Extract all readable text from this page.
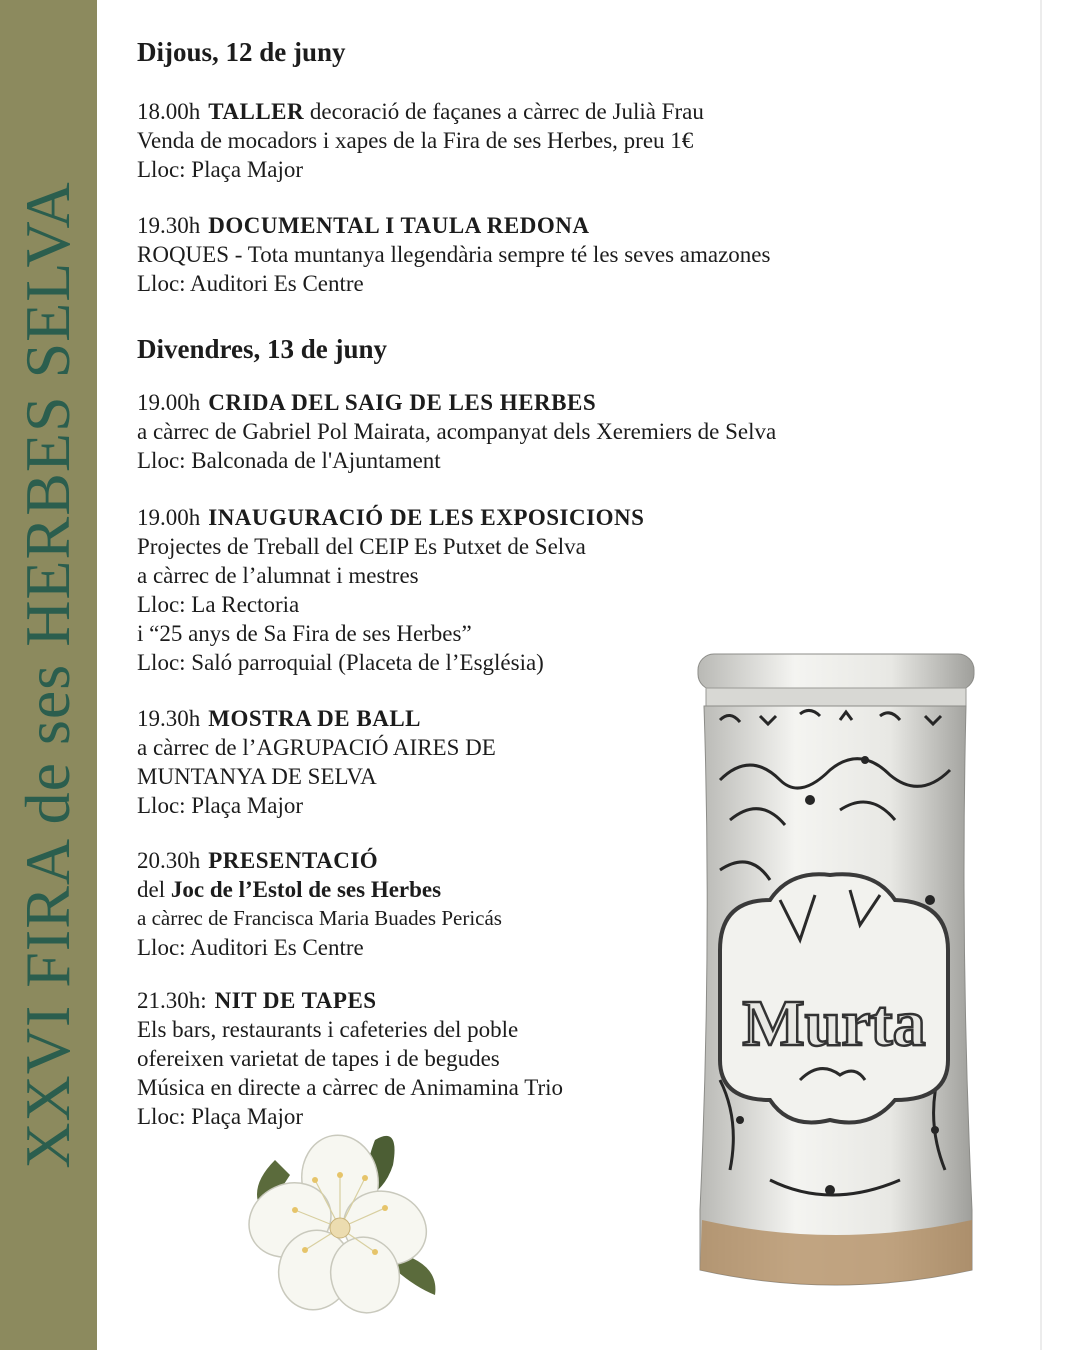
XXVI FIRA de ses HERBES SELVA
Dijous, 12 de juny
18.00h TALLER decoració de façanes a càrrec de Julià Frau
Venda de mocadors i xapes de la Fira de ses Herbes, preu 1€
Lloc: Plaça Major
19.30h DOCUMENTAL I TAULA REDONA
ROQUES - Tota muntanya llegendària sempre té les seves amazones
Lloc: Auditori Es Centre
Divendres, 13 de juny
19.00h CRIDA DEL SAIG DE LES HERBES
a càrrec de Gabriel Pol Mairata, acompanyat dels Xeremiers de Selva
Lloc: Balconada de l'Ajuntament
19.00h INAUGURACIÓ DE LES EXPOSICIONS
Projectes de Treball del CEIP Es Putxet de Selva
a càrrec de l’alumnat i mestres
Lloc: La Rectoria
i “25 anys de Sa Fira de ses Herbes”
Lloc: Saló parroquial (Placeta de l’Església)
19.30h MOSTRA DE BALL
a càrrec de l’AGRUPACIÓ AIRES DE
MUNTANYA DE SELVA
Lloc: Plaça Major
20.30h PRESENTACIÓ
del Joc de l’Estol de ses Herbes
a càrrec de Francisca Maria Buades Pericás
Lloc: Auditori Es Centre
21.30h: NIT DE TAPES
Els bars, restaurants i cafeteries del poble
ofereixen varietat de tapes i de begudes
Música en directe a càrrec de Animamina Trio
Lloc: Plaça Major
Murta
